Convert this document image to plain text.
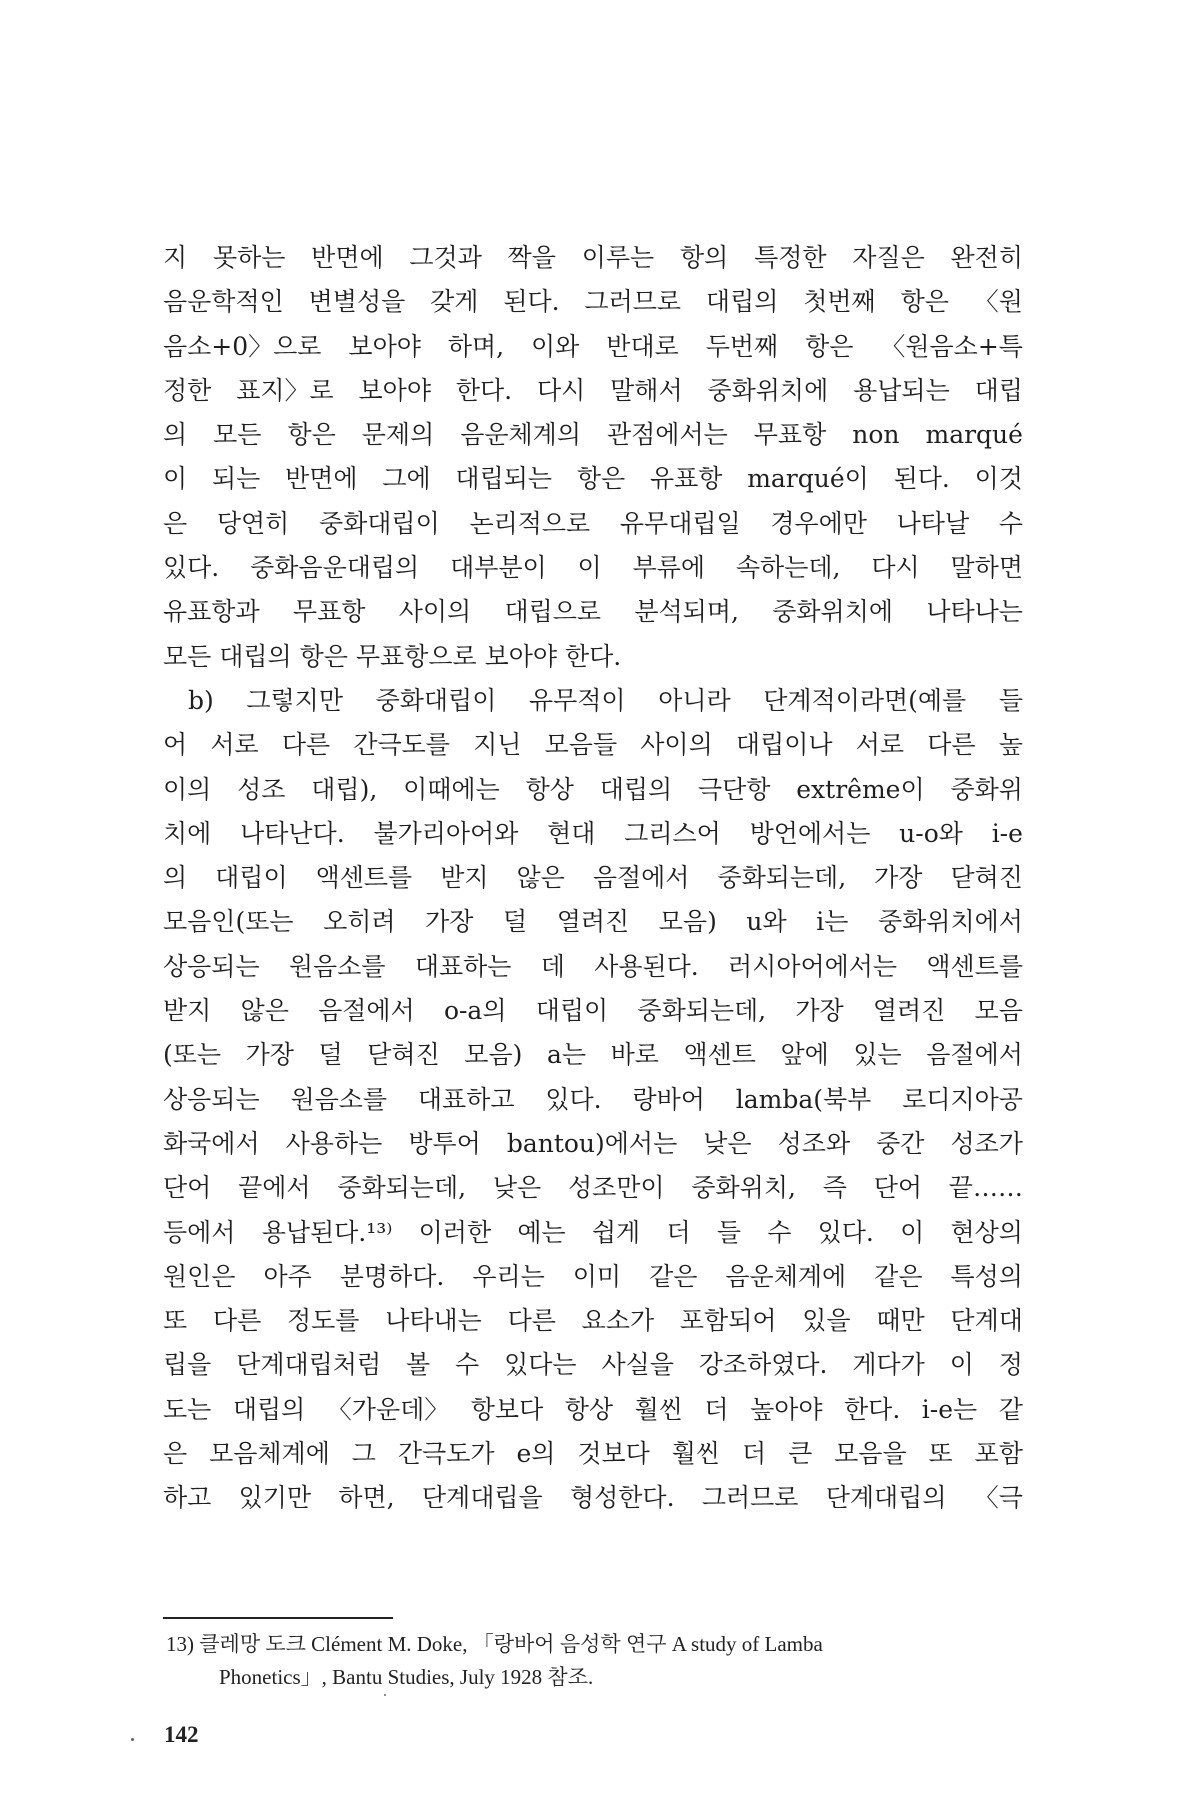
지 못하는 반면에 그것과 짝을 이루는 항의 특정한 자질은 완전히
음운학적인 변별성을 갖게 된다. 그러므로 대립의 첫번째 항은 〈원
음소+0〉으로 보아야 하며, 이와 반대로 두번째 항은 〈원음소+특
정한 표지〉로 보아야 한다. 다시 말해서 중화위치에 용납되는 대립
의 모든 항은 문제의 음운체계의 관점에서는 무표항 non marqué
이 되는 반면에 그에 대립되는 항은 유표항 marqué이 된다. 이것
은 당연히 중화대립이 논리적으로 유무대립일 경우에만 나타날 수
있다. 중화음운대립의 대부분이 이 부류에 속하는데, 다시 말하면
유표항과 무표항 사이의 대립으로 분석되며, 중화위치에 나타나는
모든 대립의 항은 무표항으로 보아야 한다.
　b) 그렇지만 중화대립이 유무적이 아니라 단계적이라면(예를 들
어 서로 다른 간극도를 지닌 모음들 사이의 대립이나 서로 다른 높
이의 성조 대립), 이때에는 항상 대립의 극단항 extrême이 중화위
치에 나타난다. 불가리아어와 현대 그리스어 방언에서는 u-o와 i-e
의 대립이 액센트를 받지 않은 음절에서 중화되는데, 가장 닫혀진
모음인(또는 오히려 가장 덜 열려진 모음) u와 i는 중화위치에서
상응되는 원음소를 대표하는 데 사용된다. 러시아어에서는 액센트를
받지 않은 음절에서 o-a의 대립이 중화되는데, 가장 열려진 모음
(또는 가장 덜 닫혀진 모음) a는 바로 액센트 앞에 있는 음절에서
상응되는 원음소를 대표하고 있다. 랑바어 lamba(북부 로디지아공
화국에서 사용하는 방투어 bantou)에서는 낮은 성조와 중간 성조가
단어 끝에서 중화되는데, 낮은 성조만이 중화위치, 즉 단어 끝……
등에서 용납된다.¹³⁾ 이러한 예는 쉽게 더 들 수 있다. 이 현상의
원인은 아주 분명하다. 우리는 이미 같은 음운체계에 같은 특성의
또 다른 정도를 나타내는 다른 요소가 포함되어 있을 때만 단계대
립을 단계대립처럼 볼 수 있다는 사실을 강조하였다. 게다가 이 정
도는 대립의 〈가운데〉 항보다 항상 훨씬 더 높아야 한다. i-e는 같
은 모음체계에 그 간극도가 e의 것보다 훨씬 더 큰 모음을 또 포함
하고 있기만 하면, 단계대립을 형성한다. 그러므로 단계대립의 〈극
13) 클레망 도크 Clément M. Doke, 「랑바어 음성학 연구 A study of Lamba
Phonetics」, Bantu Studies, July 1928 참조.
142
